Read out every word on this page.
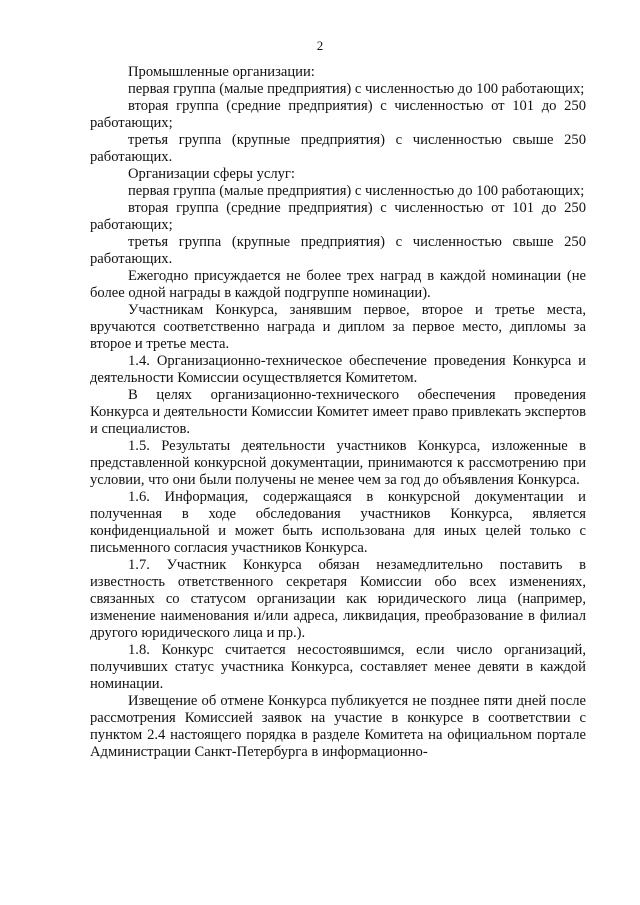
2

Промышленные организации:

первая группа (малые предприятия) с численностью до 100 работающих;

вторая группа (средние предприятия) с численностью от 101 до 250 работающих;

третья группа (крупные предприятия) с численностью свыше 250 работающих.

Организации сферы услуг:

первая группа (малые предприятия) с численностью до 100 работающих;

вторая группа (средние предприятия) с численностью от 101 до 250 работающих;

третья группа (крупные предприятия) с численностью свыше 250 работающих.

Ежегодно присуждается не более трех наград в каждой номинации (не более одной награды в каждой подгруппе номинации).

Участникам Конкурса, занявшим первое, второе и третье места, вручаются соответственно награда и диплом за первое место, дипломы за второе и третье места.

1.4. Организационно-техническое обеспечение проведения Конкурса и деятельности Комиссии осуществляется Комитетом.

В целях организационно-технического обеспечения проведения Конкурса и деятельности Комиссии Комитет имеет право привлекать экспертов и специалистов.

1.5. Результаты деятельности участников Конкурса, изложенные в представленной конкурсной документации, принимаются к рассмотрению при условии, что они были получены не менее чем за год до объявления Конкурса.

1.6. Информация, содержащаяся в конкурсной документации и полученная в ходе обследования участников Конкурса, является конфиденциальной и может быть использована для иных целей только с письменного согласия участников Конкурса.

1.7. Участник Конкурса обязан незамедлительно поставить в известность ответственного секретаря Комиссии обо всех изменениях, связанных со статусом организации как юридического лица (например, изменение наименования и/или адреса, ликвидация, преобразование в филиал другого юридического лица и пр.).

1.8. Конкурс считается несостоявшимся, если число организаций, получивших статус участника Конкурса, составляет менее девяти в каждой номинации.

Извещение об отмене Конкурса публикуется не позднее пяти дней после рассмотрения Комиссией заявок на участие в конкурсе в соответствии с пунктом 2.4 настоящего порядка в разделе Комитета на официальном портале Администрации Санкт-Петербурга в информационно-
